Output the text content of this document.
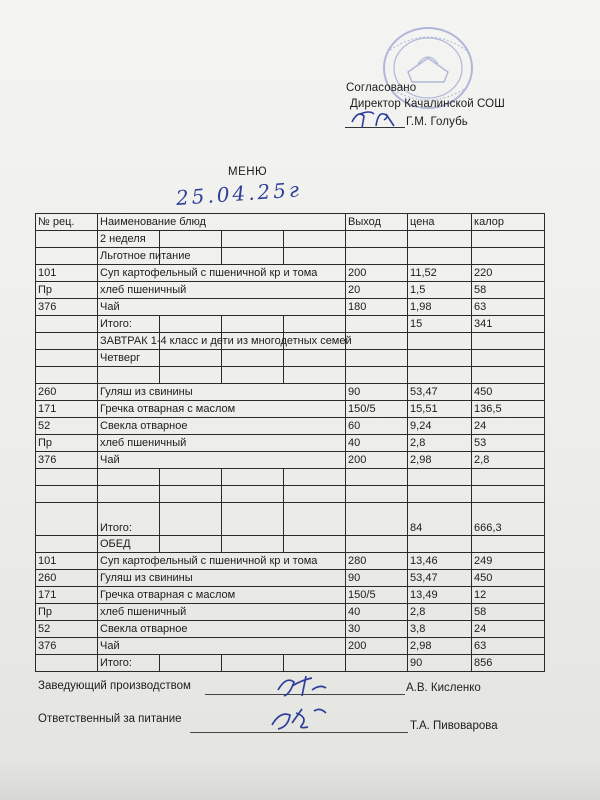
Согласовано
Директор Качалинской СОШ
Г.М. Голубь
МЕНЮ
25.04.25г
№ рец.	Наименование блюд				Выход	цена	калор
	2 неделя						
	Льготное питание						
101	Суп картофельный с пшеничной кр и тома				200	11,52	220
Пр	хлеб пшеничный				20	1,5	58
376	Чай				180	1,98	63
	Итого:					15	341
	ЗАВТРАК 1-4 класс и дети из многодетных семей						
	Четверг						

260	Гуляш из свинины				90	53,47	450
171	Гречка отварная с маслом				150/5	15,51	136,5
52	Свекла отварное				60	9,24	24
Пр	хлеб пшеничный				40	2,8	53
376	Чай				200	2,98	2,8

	Итого:					84	666,3
	ОБЕД						
101	Суп картофельный с пшеничной кр и тома				280	13,46	249
260	Гуляш из свинины				90	53,47	450
171	Гречка отварная с маслом				150/5	13,49	12
Пр	хлеб пшеничный				40	2,8	58
52	Свекла отварное				30	3,8	24
376	Чай				200	2,98	63
	Итого:					90	856
Заведующий производством	А.В. Кисленко
Ответственный за питание
Т.А. Пивоварова
